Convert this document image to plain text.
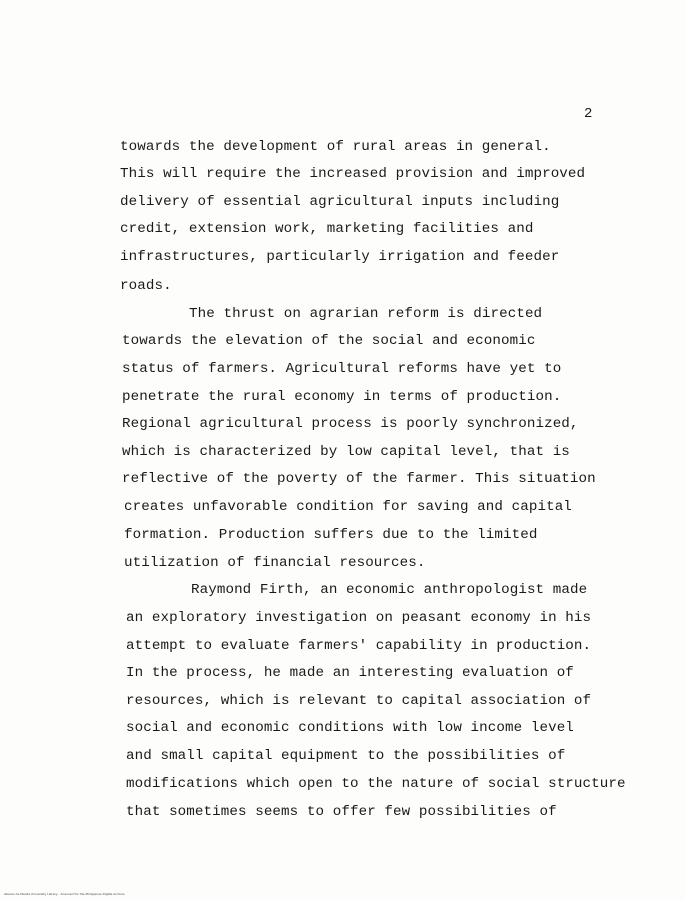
2
towards the development of rural areas in general.
This will require the increased provision and improved
delivery of essential agricultural inputs including
credit, extension work, marketing facilities and
infrastructures, particularly irrigation and feeder
roads.
The thrust on agrarian reform is directed
towards the elevation of the social and economic
status of farmers. Agricultural reforms have yet to
penetrate the rural economy in terms of production.
Regional agricultural process is poorly synchronized,
which is characterized by low capital level, that is
reflective of the poverty of the farmer. This situation
creates unfavorable condition for saving and capital
formation. Production suffers due to the limited
utilization of financial resources.
Raymond Firth, an economic anthropologist made
an exploratory investigation on peasant economy in his
attempt to evaluate farmers' capability in production.
In the process, he made an interesting evaluation of
resources, which is relevant to capital association of
social and economic conditions with low income level
and small capital equipment to the possibilities of
modifications which open to the nature of social structure
that sometimes seems to offer few possibilities of
Ateneo de Manila University Library - Scanned for the Philippines Digital Archive
